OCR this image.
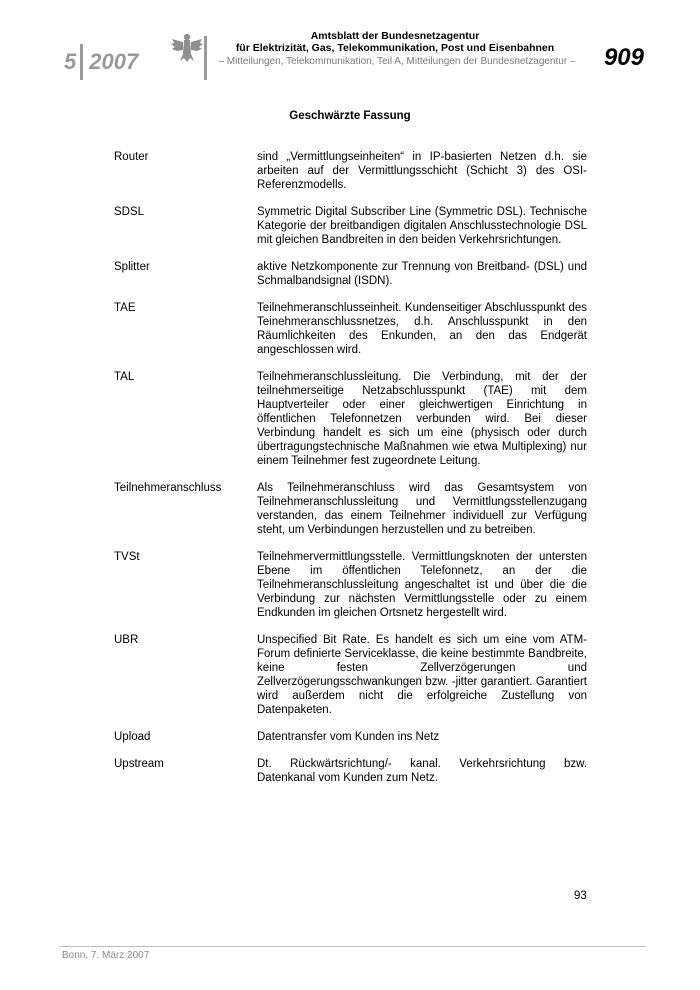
5 2007
Amtsblatt der Bundesnetzagentur
für Elektrizität, Gas, Telekommunikation, Post und Eisenbahnen
– Mitteilungen, Telekommunikation, Teil A, Mitteilungen der Bundesnetzagentur – 909
Geschwärzte Fassung
Router	sind „Vermittlungseinheiten“ in IP-basierten Netzen d.h. sie arbeiten auf der Vermittlungsschicht (Schicht 3) des OSI-Referenzmodells.
SDSL	Symmetric Digital Subscriber Line (Symmetric DSL). Technische Kategorie der breitbandigen digitalen Anschlusstechnologie DSL mit gleichen Bandbreiten in den beiden Verkehrsrichtungen.
Splitter	aktive Netzkomponente zur Trennung von Breitband- (DSL) und Schmalbandsignal (ISDN).
TAE	Teilnehmeranschlusseinheit. Kundenseitiger Abschlusspunkt des Teinehmeranschlussnetzes, d.h. Anschlusspunkt in den Räumlichkeiten des Enkunden, an den das Endgerät angeschlossen wird.
TAL	Teilnehmeranschlussleitung. Die Verbindung, mit der der teilnehmerseitige Netzabschlusspunkt (TAE) mit dem Hauptverteiler oder einer gleichwertigen Einrichtung in öffentlichen Telefonnetzen verbunden wird. Bei dieser Verbindung handelt es sich um eine (physisch oder durch übertragungstechnische Maßnahmen wie etwa Multiplexing) nur einem Teilnehmer fest zugeordnete Leitung.
Teilnehmeranschluss	Als Teilnehmeranschluss wird das Gesamtsystem von Teilnehmeranschlussleitung und Vermittlungsstellenzugang verstanden, das einem Teilnehmer individuell zur Verfügung steht, um Verbindungen herzustellen und zu betreiben.
TVSt	Teilnehmervermittlungsstelle. Vermittlungsknoten der untersten Ebene im öffentlichen Telefonnetz, an der die Teilnehmeranschlussleitung angeschaltet ist und über die die Verbindung zur nächsten Vermittlungsstelle oder zu einem Endkunden im gleichen Ortsnetz hergestellt wird.
UBR	Unspecified Bit Rate. Es handelt es sich um eine vom ATM-Forum definierte Serviceklasse, die keine bestimmte Bandbreite, keine festen Zellverzögerungen und Zellverzögerungsschwankungen bzw. -jitter garantiert. Garantiert wird außerdem nicht die erfolgreiche Zustellung von Datenpaketen.
Upload	Datentransfer vom Kunden ins Netz
Upstream	Dt. Rückwärtsrichtung/- kanal. Verkehrsrichtung bzw. Datenkanal vom Kunden zum Netz.
93
Bonn, 7. März 2007
